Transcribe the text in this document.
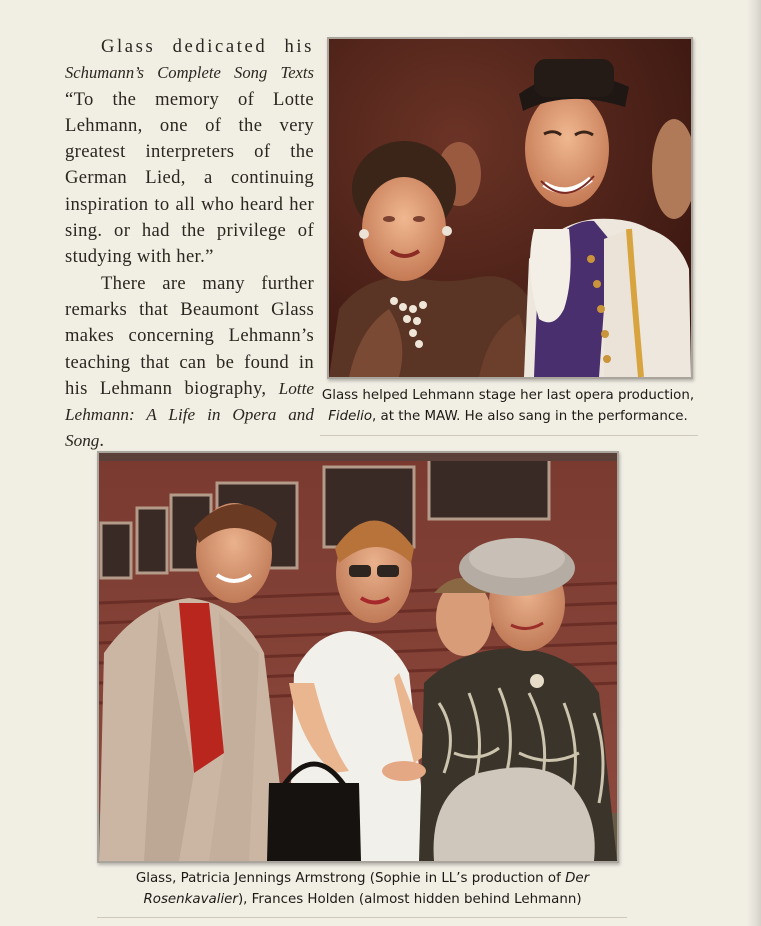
Glass dedicated his Schumann’s Complete Song Texts “To the memory of Lotte Lehmann, one of the very greatest interpreters of the German Lied, a continuing inspiration to all who heard her sing. or had the privilege of studying with her.”

There are many further remarks that Beaumont Glass makes concerning Lehmann’s teaching that can be found in his Lehmann biography, Lotte Lehmann: A Life in Opera and Song.

Glass helped Lehmann stage her last opera production, Fidelio, at the MAW. He also sang in the performance.
Glass, Patricia Jennings Armstrong (Sophie in LL’s production of Der Rosenkavalier), Frances Holden (almost hidden behind Lehmann)
